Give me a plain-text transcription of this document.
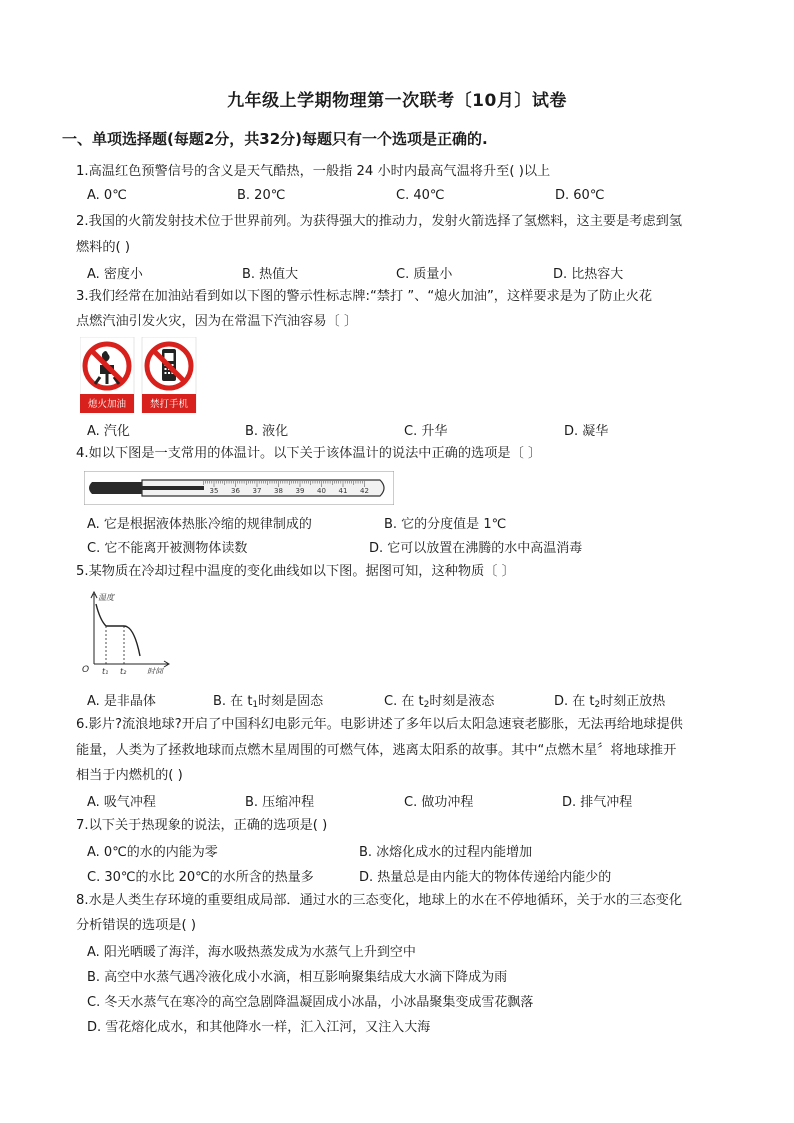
九年级上学期物理第一次联考〔10月〕试卷
一、单项选择题(每题2分，共32分)每题只有一个选项是正确的.
1.高温红色预警信号的含义是天气酷热，一般指 24 小时内最高气温将升至( )以上
A. 0℃	B. 20℃	C. 40℃	D. 60℃
2.我国的火箭发射技术位于世界前列。为获得强大的推动力，发射火箭选择了氢燃料，这主要是考虑到氢
燃料的( )
A. 密度小	B. 热值大	C. 质量小	D. 比热容大
3.我们经常在加油站看到如以下图的警示性标志牌:“禁打 ”、“熄火加油”，这样要求是为了防止火花
点燃汽油引发火灾，因为在常温下汽油容易〔 〕
熄火加油	禁打手机
A. 汽化	B. 液化	C. 升华	D. 凝华
4.如以下图是一支常用的体温计。以下关于该体温计的说法中正确的选项是〔 〕
35 36 37 38 39 40 41 42
A. 它是根据液体热胀冷缩的规律制成的	B. 它的分度值是 1℃
C. 它不能离开被测物体读数	D. 它可以放置在沸腾的水中高温消毒
5.某物质在冷却过程中温度的变化曲线如以下图。据图可知，这种物质〔 〕
温度
时间
O t₁ t₂
A. 是非晶体	B. 在 $t_1$时刻是固态	C. 在 $t_2$时刻是液态	D. 在 $t_2$时刻正放热
6.影片?流浪地球?开启了中国科幻电影元年。电影讲述了多年以后太阳急速衰老膨胀，无法再给地球提供
能量，人类为了拯救地球而点燃木星周围的可燃气体，逃离太阳系的故事。其中“点燃木星〞将地球推开
相当于内燃机的( )
A. 吸气冲程	B. 压缩冲程	C. 做功冲程	D. 排气冲程
7.以下关于热现象的说法，正确的选项是( )
A. 0℃的水的内能为零	B. 冰熔化成水的过程内能增加
C. 30℃的水比 20℃的水所含的热量多	D. 热量总是由内能大的物体传递给内能少的
8.水是人类生存环境的重要组成局部．通过水的三态变化，地球上的水在不停地循环，关于水的三态变化
分析错误的选项是( )
A. 阳光晒暖了海洋，海水吸热蒸发成为水蒸气上升到空中
B. 高空中水蒸气遇冷液化成小水滴，相互影响聚集结成大水滴下降成为雨
C. 冬天水蒸气在寒冷的高空急剧降温凝固成小冰晶，小冰晶聚集变成雪花飘落
D. 雪花熔化成水，和其他降水一样，汇入江河，又注入大海
